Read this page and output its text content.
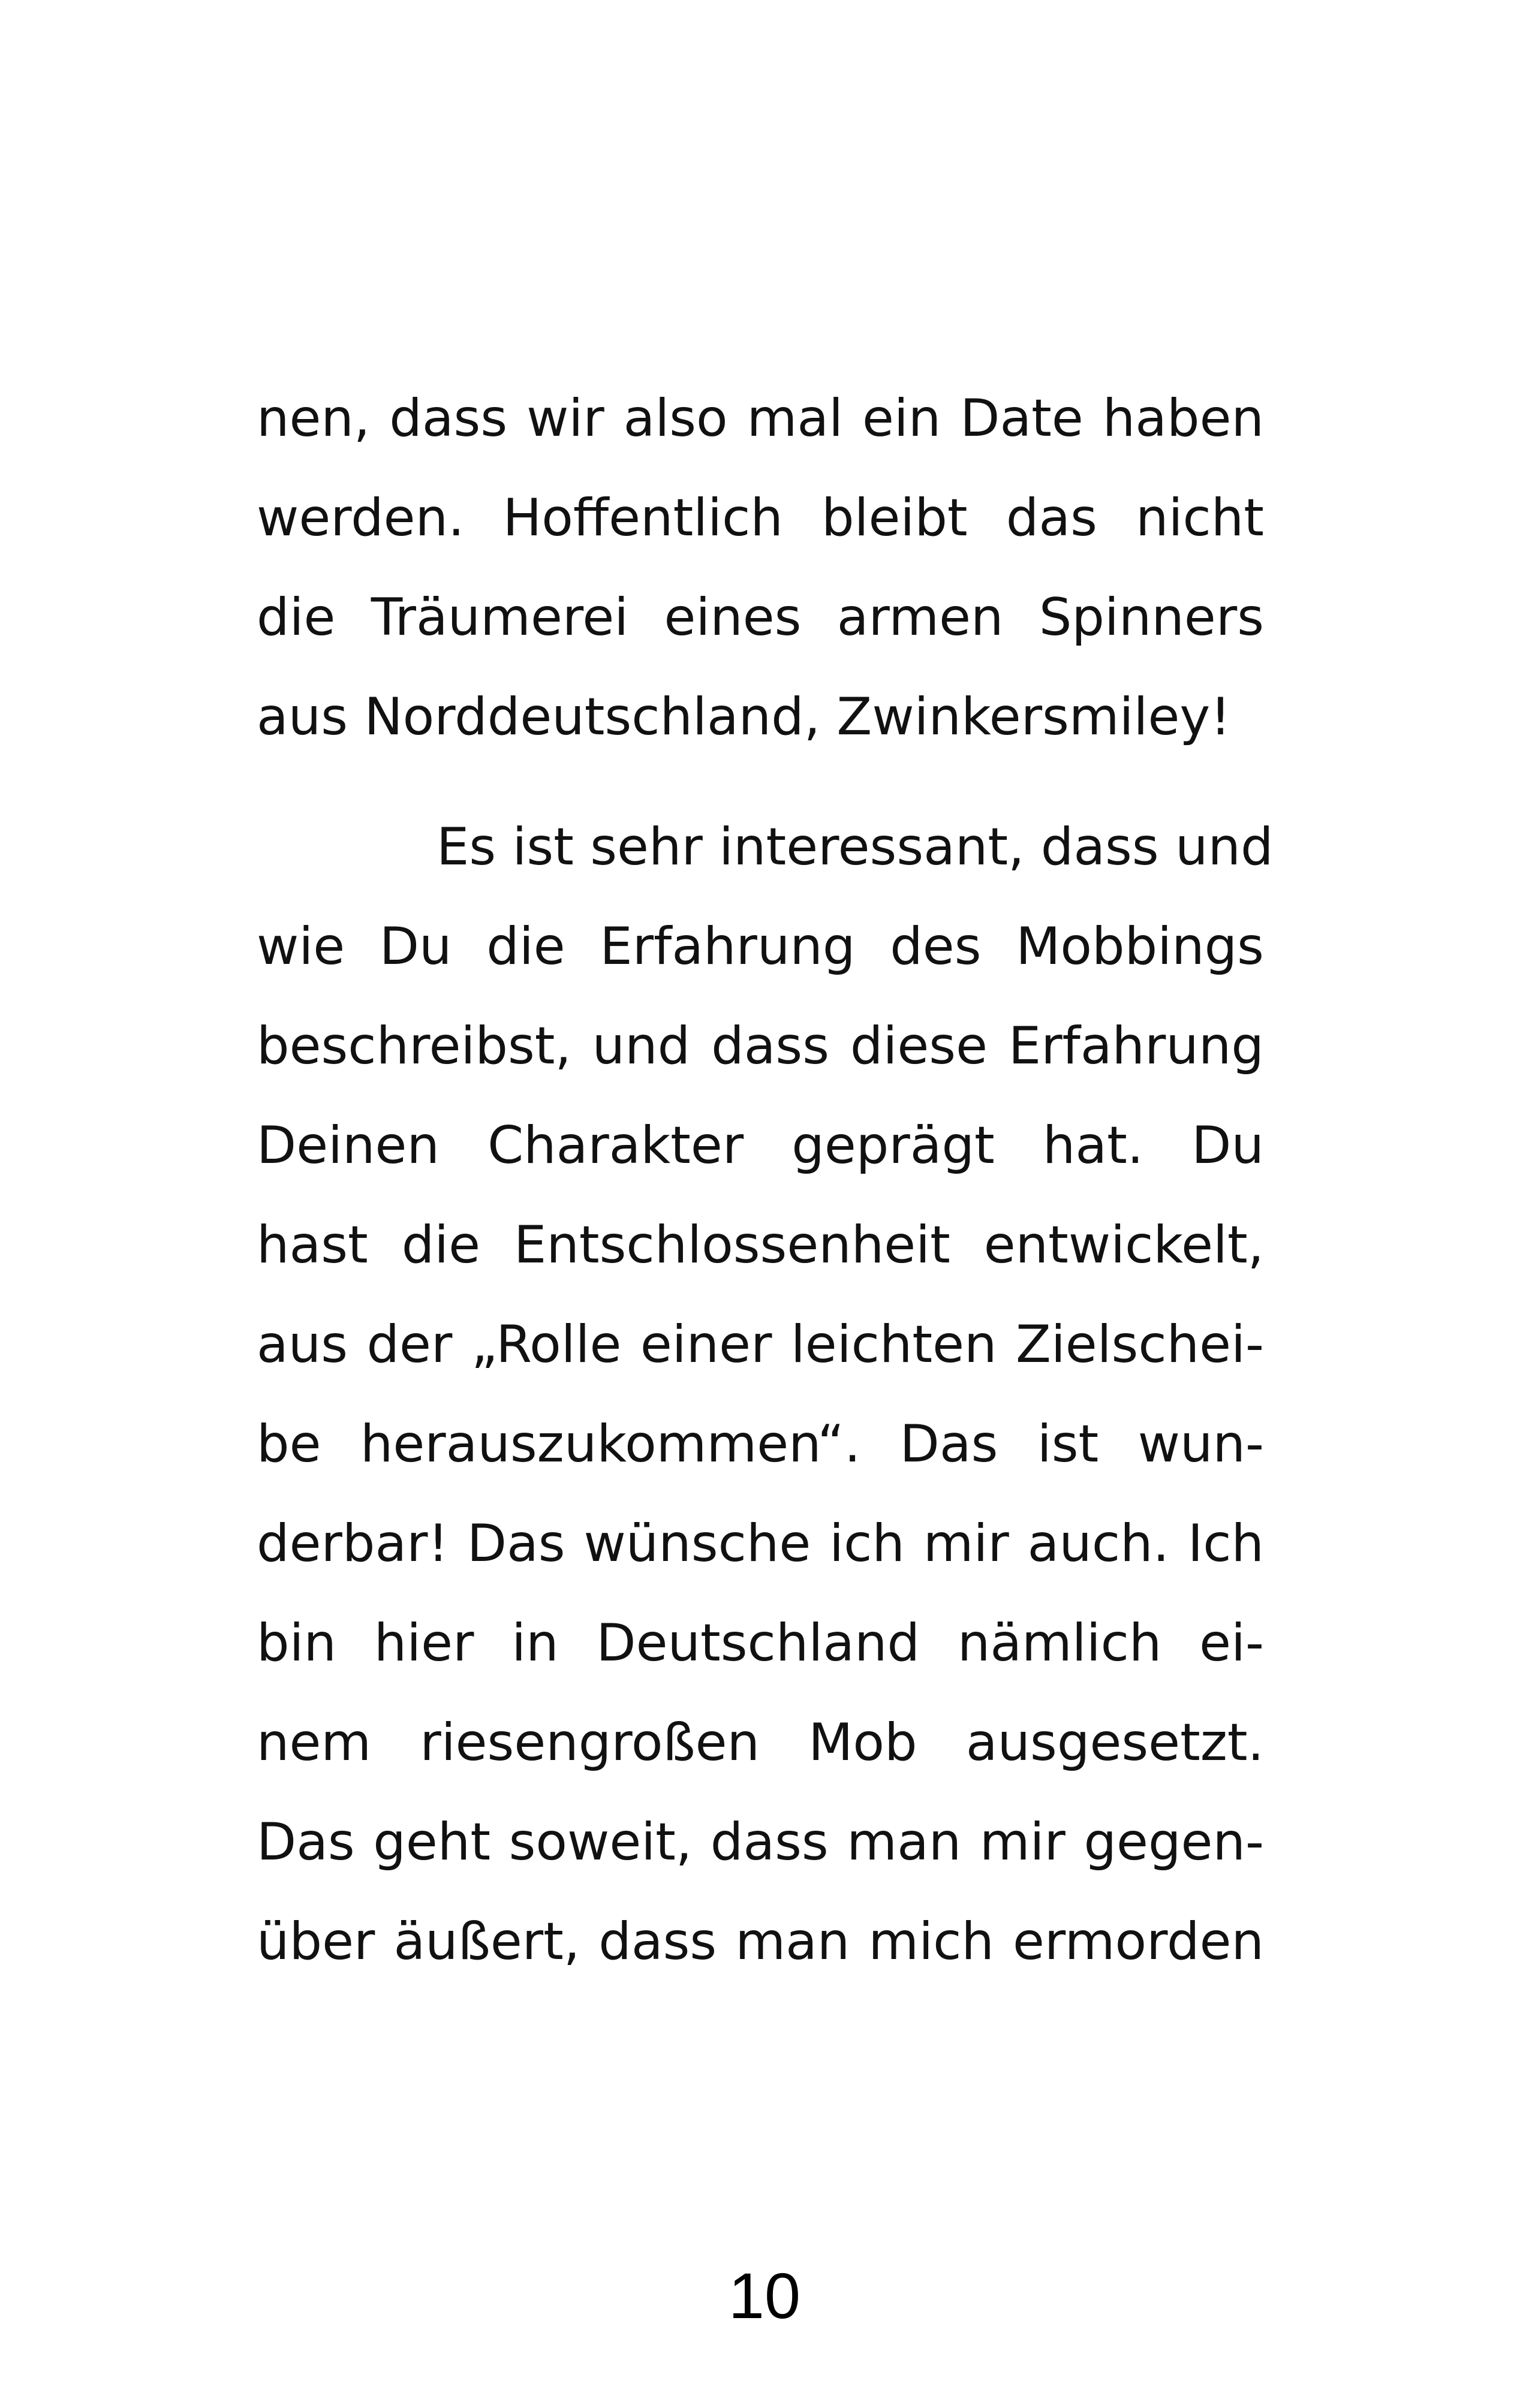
nen, dass wir also mal ein Date haben
werden. Hoffentlich bleibt das nicht
die Träumerei eines armen Spinners
aus Norddeutschland, Zwinkersmiley!
Es ist sehr interessant, dass und
wie Du die Erfahrung des Mobbings
beschreibst, und dass diese Erfahrung
Deinen Charakter geprägt hat. Du
hast die Entschlossenheit entwickelt,
aus der „Rolle einer leichten Zielschei-
be herauszukommen“. Das ist wun-
derbar! Das wünsche ich mir auch. Ich
bin hier in Deutschland nämlich ei-
nem riesengroßen Mob ausgesetzt.
Das geht soweit, dass man mir gegen-
über äußert, dass man mich ermorden
10
